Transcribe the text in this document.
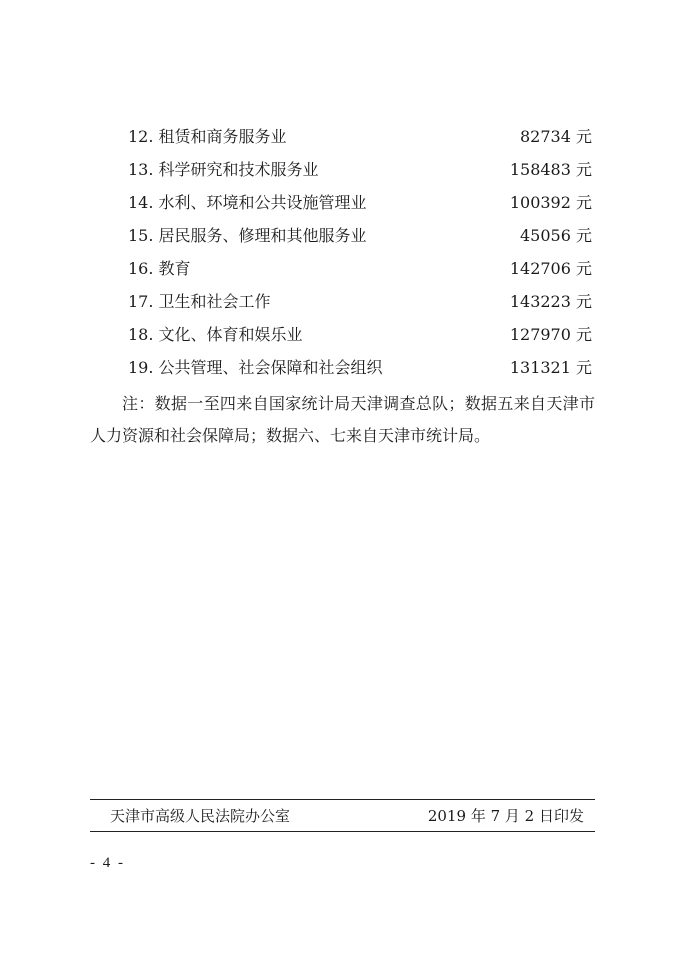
12. 租赁和商务服务业	82734 元
13. 科学研究和技术服务业	158483 元
14. 水利、环境和公共设施管理业	100392 元
15. 居民服务、修理和其他服务业	45056 元
16. 教育	142706 元
17. 卫生和社会工作	143223 元
18. 文化、体育和娱乐业	127970 元
19. 公共管理、社会保障和社会组织	131321 元
注：数据一至四来自国家统计局天津调查总队；数据五来自天津市人力资源和社会保障局；数据六、七来自天津市统计局。
天津市高级人民法院办公室	2019 年 7 月 2 日印发
- 4 -
